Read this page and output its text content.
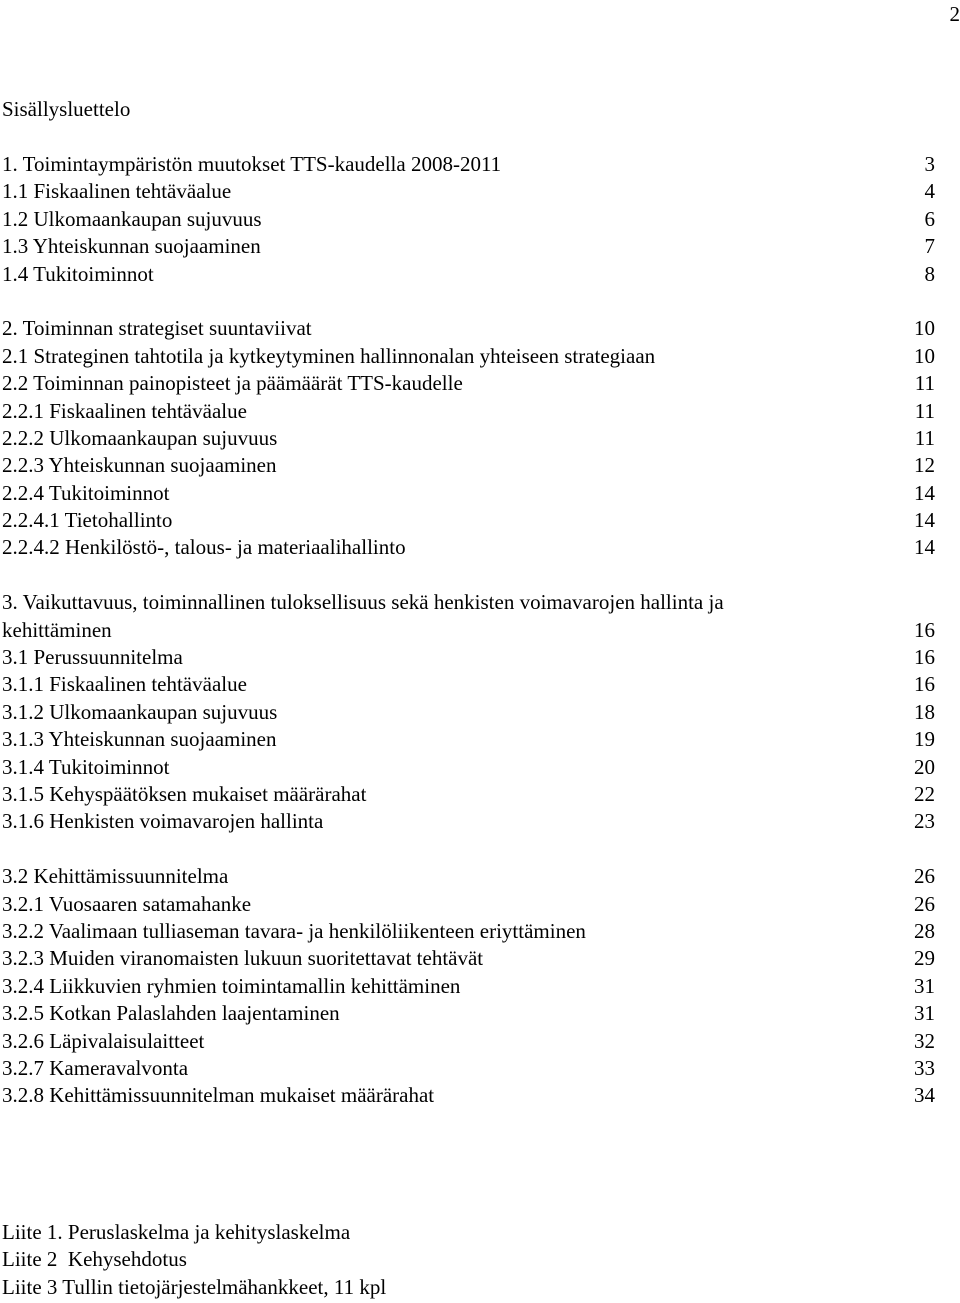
2
Sisällysluettelo
1. Toimintaympäristön muutokset TTS-kaudella 2008-2011	3
1.1 Fiskaalinen tehtäväalue	4
1.2 Ulkomaankaupan sujuvuus	6
1.3 Yhteiskunnan suojaaminen	7
1.4 Tukitoiminnot	8
2. Toiminnan strategiset suuntaviivat	10
2.1 Strateginen tahtotila ja kytkeytyminen hallinnonalan yhteiseen strategiaan	10
2.2 Toiminnan painopisteet ja päämäärät TTS-kaudelle	11
2.2.1 Fiskaalinen tehtäväalue	11
2.2.2 Ulkomaankaupan sujuvuus	11
2.2.3 Yhteiskunnan suojaaminen	12
2.2.4 Tukitoiminnot	14
2.2.4.1 Tietohallinto	14
2.2.4.2 Henkilöstö-, talous- ja materiaalihallinto	14
3. Vaikuttavuus, toiminnallinen tuloksellisuus sekä henkisten voimavarojen hallinta ja
kehittäminen	16
3.1 Perussuunnitelma	16
3.1.1 Fiskaalinen tehtäväalue	16
3.1.2 Ulkomaankaupan sujuvuus	18
3.1.3 Yhteiskunnan suojaaminen	19
3.1.4 Tukitoiminnot	20
3.1.5 Kehyspäätöksen mukaiset määrärahat	22
3.1.6 Henkisten voimavarojen hallinta	23
3.2 Kehittämissuunnitelma	26
3.2.1 Vuosaaren satamahanke	26
3.2.2 Vaalimaan tulliaseman tavara- ja henkilöliikenteen eriyttäminen	28
3.2.3 Muiden viranomaisten lukuun suoritettavat tehtävät	29
3.2.4 Liikkuvien ryhmien toimintamallin kehittäminen	31
3.2.5 Kotkan Palaslahden laajentaminen	31
3.2.6 Läpivalaisulaitteet	32
3.2.7 Kameravalvonta	33
3.2.8 Kehittämissuunnitelman mukaiset määrärahat	34
Liite 1. Peruslaskelma ja kehityslaskelma
Liite 2  Kehysehdotus
Liite 3 Tullin tietojärjestelmähankkeet, 11 kpl
